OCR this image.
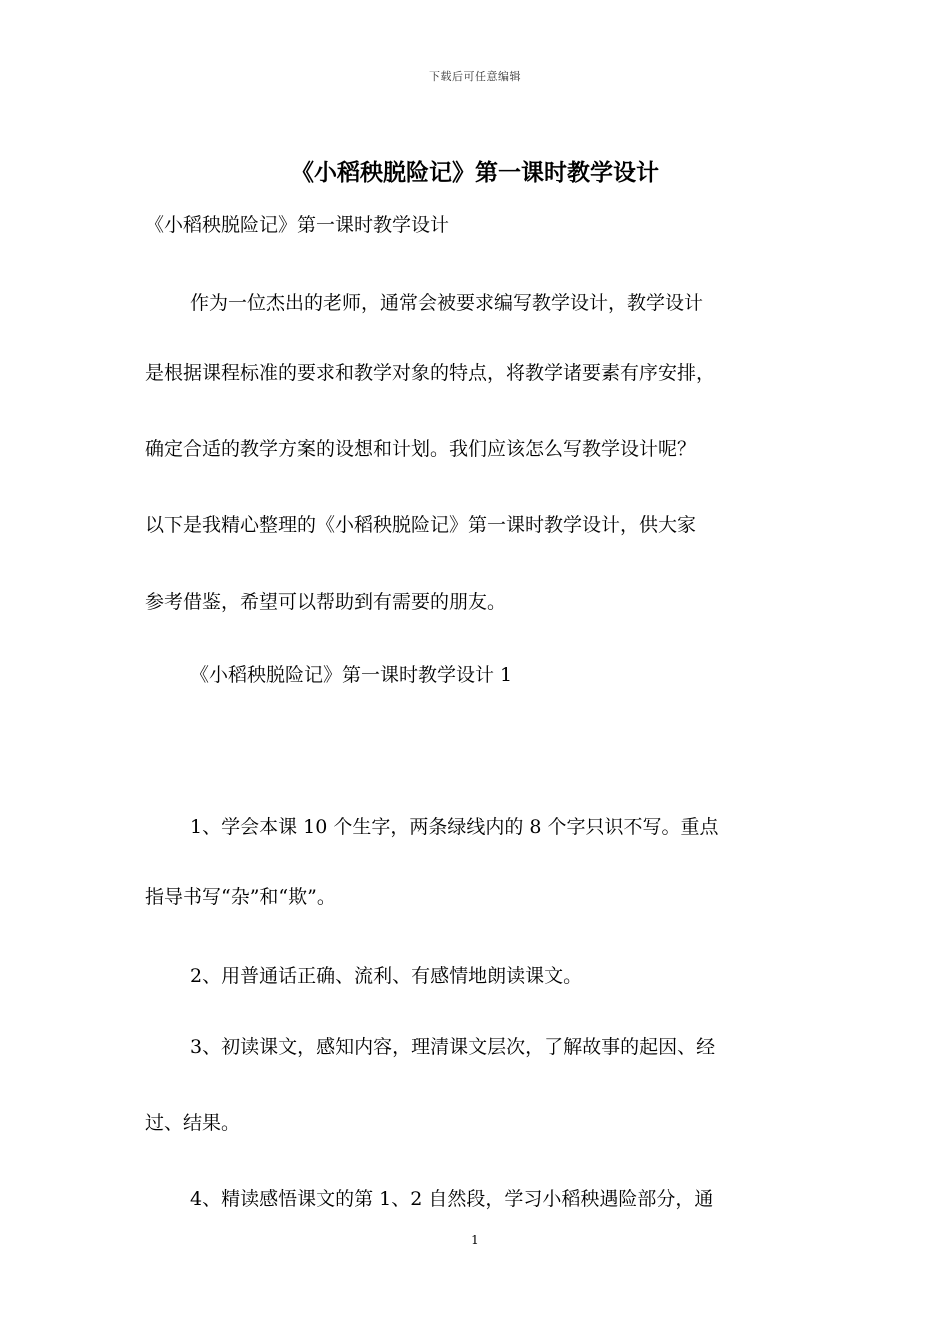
下载后可任意编辑
《小稻秧脱险记》第一课时教学设计
《小稻秧脱险记》第一课时教学设计
作为一位杰出的老师，通常会被要求编写教学设计，教学设计
是根据课程标准的要求和教学对象的特点，将教学诸要素有序安排，
确定合适的教学方案的设想和计划。我们应该怎么写教学设计呢？
以下是我精心整理的《小稻秧脱险记》第一课时教学设计，供大家
参考借鉴，希望可以帮助到有需要的朋友。
《小稻秧脱险记》第一课时教学设计 1
1、学会本课 10 个生字，两条绿线内的 8 个字只识不写。重点
指导书写“杂”和“欺”。
2、用普通话正确、流利、有感情地朗读课文。
3、初读课文，感知内容，理清课文层次，了解故事的起因、经
过、结果。
4、精读感悟课文的第 1、2 自然段，学习小稻秧遇险部分，通
1
